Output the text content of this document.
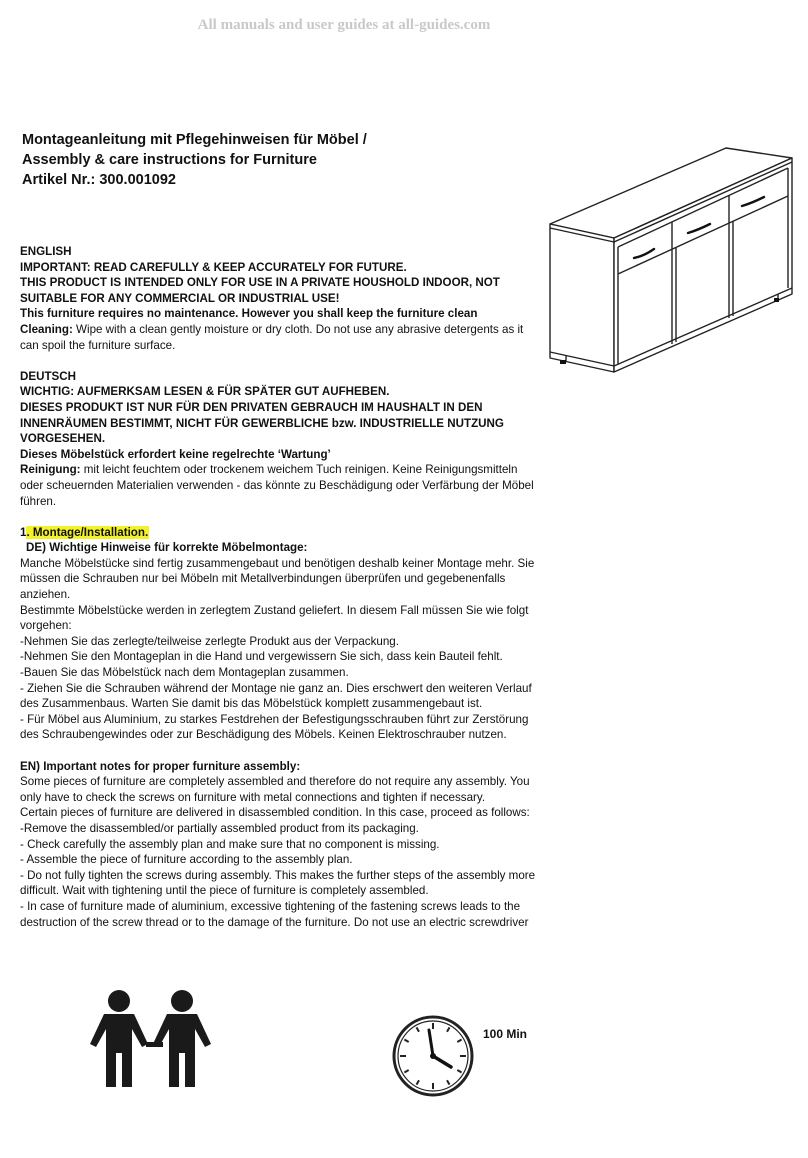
All manuals and user guides at all-guides.com
Montageanleitung mit Pflegehinweisen für Möbel /
Assembly & care instructions for Furniture
Artikel Nr.: 300.001092

ENGLISH

IMPORTANT: READ CAREFULLY & KEEP ACCURATELY FOR FUTURE.

THIS PRODUCT IS INTENDED ONLY FOR USE IN A PRIVATE HOUSHOLD INDOOR, NOT SUITABLE FOR ANY COMMERCIAL OR INDUSTRIAL USE!

This furniture requires no maintenance. However you shall keep the furniture clean

Cleaning: Wipe with a clean gently moisture or dry cloth. Do not use any abrasive detergents as it can spoil the furniture surface.

DEUTSCH

WICHTIG: AUFMERKSAM LESEN & FÜR SPÄTER GUT AUFHEBEN.

DIESES PRODUKT IST NUR FÜR DEN PRIVATEN GEBRAUCH IM HAUSHALT IN DEN INNENRÄUMEN BESTIMMT, NICHT FÜR GEWERBLICHE bzw. INDUSTRIELLE NUTZUNG VORGESEHEN.

Dieses Möbelstück erfordert keine regelrechte ‘Wartung’

Reinigung: mit leicht feuchtem oder trockenem weichem Tuch reinigen. Keine Reinigungsmitteln oder scheuernden Materialien verwenden - das könnte zu Beschädigung oder Verfärbung der Möbel führen.

1. Montage/Installation.

DE) Wichtige Hinweise für korrekte Möbelmontage:

Manche Möbelstücke sind fertig zusammengebaut und benötigen deshalb keiner Montage mehr. Sie müssen die Schrauben nur bei Möbeln mit Metallverbindungen überprüfen und gegebenenfalls anziehen.

Bestimmte Möbelstücke werden in zerlegtem Zustand geliefert. In diesem Fall müssen Sie wie folgt vorgehen:

-Nehmen Sie das zerlegte/teilweise zerlegte Produkt aus der Verpackung.

-Nehmen Sie den Montageplan in die Hand und vergewissern Sie sich, dass kein Bauteil fehlt.

-Bauen Sie das Möbelstück nach dem Montageplan zusammen.

- Ziehen Sie die Schrauben während der Montage nie ganz an. Dies erschwert den weiteren Verlauf des Zusammenbaus. Warten Sie damit bis das Möbelstück komplett zusammengebaut ist.

- Für Möbel aus Aluminium, zu starkes Festdrehen der Befestigungsschrauben führt zur Zerstörung des Schraubengewindes oder zur Beschädigung des Möbels. Keinen Elektroschrauber nutzen.

EN) Important notes for proper furniture assembly:

Some pieces of furniture are completely assembled and therefore do not require any assembly. You only have to check the screws on furniture with metal connections and tighten if necessary.

Certain pieces of furniture are delivered in disassembled condition. In this case, proceed as follows:

-Remove the disassembled/or partially assembled product from its packaging.

- Check carefully the assembly plan and make sure that no component is missing.

- Assemble the piece of furniture according to the assembly plan.

- Do not fully tighten the screws during assembly. This makes the further steps of the assembly more difficult. Wait with tightening until the piece of furniture is completely assembled.

- In case of furniture made of aluminium, excessive tightening of the fastening screws leads to the destruction of the screw thread or to the damage of the furniture. Do not use an electric screwdriver

100 Min
